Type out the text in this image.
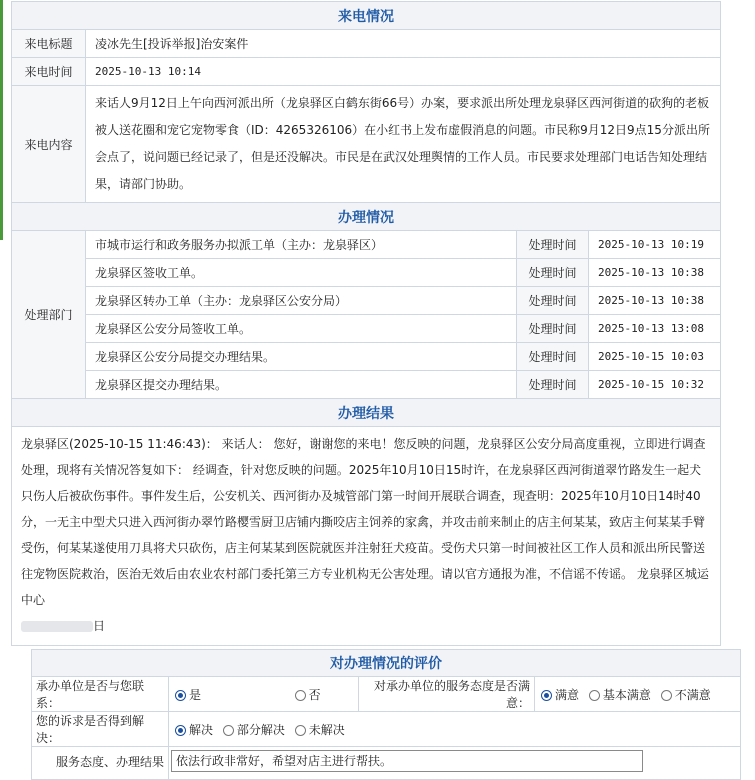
来电情况			
来电标题	凌冰先生[投诉举报]治安案件		
来电时间	2025-10-13 10:14		
来电内容	来话人9月12日上午向西河派出所（龙泉驿区白鹤东街66号）办案，要求派出所处理龙泉驿区西河街道的砍狗的老板被人送花圈和宠它宠物零食（ID：4265326106）在小红书上发布虚假消息的问题。市民称9月12日9点15分派出所会点了，说问题已经记录了，但是还没解决。市民是在武汉处理舆情的工作人员。市民要求处理部门电话告知处理结果，请部门协助。		
办理情况			
处理部门	市城市运行和政务服务办拟派工单（主办：龙泉驿区）	处理时间	2025-10-13 10:19
	龙泉驿区签收工单。	处理时间	2025-10-13 10:38
	龙泉驿区转办工单（主办：龙泉驿区公安分局）	处理时间	2025-10-13 10:38
	龙泉驿区公安分局签收工单。	处理时间	2025-10-13 13:08
	龙泉驿区公安分局提交办理结果。	处理时间	2025-10-15 10:03
	龙泉驿区提交办理结果。	处理时间	2025-10-15 10:32
办理结果			
龙泉驿区(2025-10-15 11:46:43)： 来话人： 您好，谢谢您的来电！您反映的问题，龙泉驿区公安分局高度重视，立即进行调查处理，现将有关情况答复如下： 经调查，针对您反映的问题。2025年10月10日15时许，在龙泉驿区西河街道翠竹路发生一起犬只伤人后被砍伤事件。事件发生后，公安机关、西河街办及城管部门第一时间开展联合调查，现查明：2025年10月10日14时40分，一无主中型犬只进入西河街办翠竹路樱雪厨卫店铺内撕咬店主饲养的家禽，并攻击前来制止的店主何某某，致店主何某某手臂受伤，何某某遂使用刀具将犬只砍伤，店主何某某到医院就医并注射狂犬疫苗。受伤犬只第一时间被社区工作人员和派出所民警送往宠物医院救治，医治无效后由农业农村部门委托第三方专业机构无公害处理。请以官方通报为准，不信谣不传谣。 龙泉驿区城运中心
日			
对办理情况的评价			
承办单位是否与您联系：	是 否	对承办单位的服务态度是否满意：	满意 基本满意 不满意
您的诉求是否得到解决：	解决 部分解决 未解决		
服务态度、办理结果	依法行政非常好，希望对店主进行帮扶。		
